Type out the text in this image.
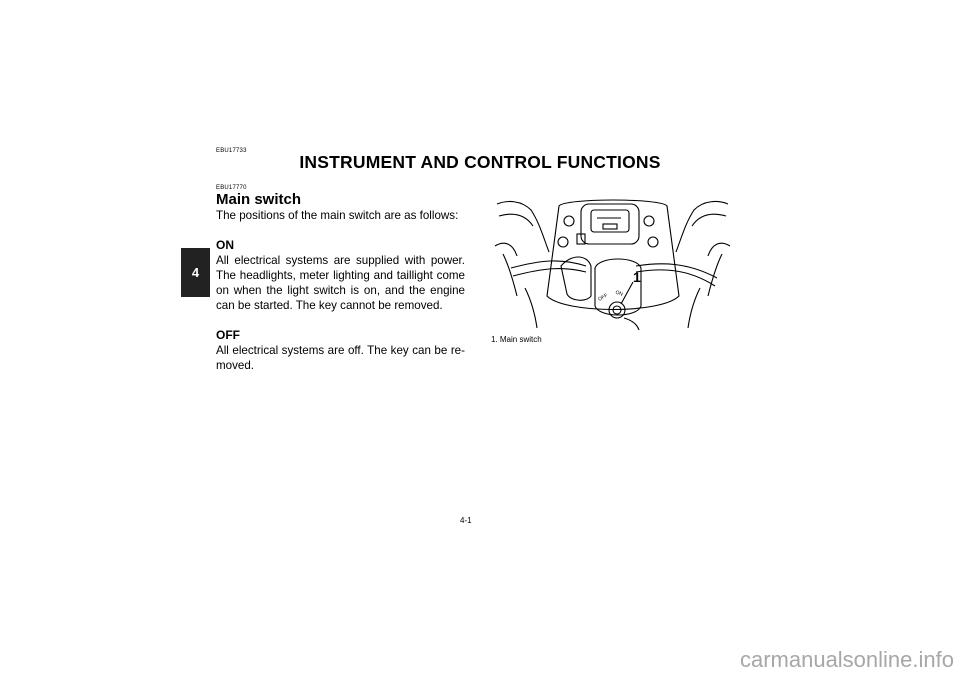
EBU17733
INSTRUMENT AND CONTROL FUNCTIONS
4
EBU17770
Main switch

The positions of the main switch are as follows:

ON

All electrical systems are supplied with power. The headlights, meter lighting and taillight come on when the light switch is on, and the engine can be started. The key cannot be removed.

OFF

All electrical systems are off. The key can be re-moved.

1
OFF ON
1. Main switch
4-1
carmanualsonline.info
